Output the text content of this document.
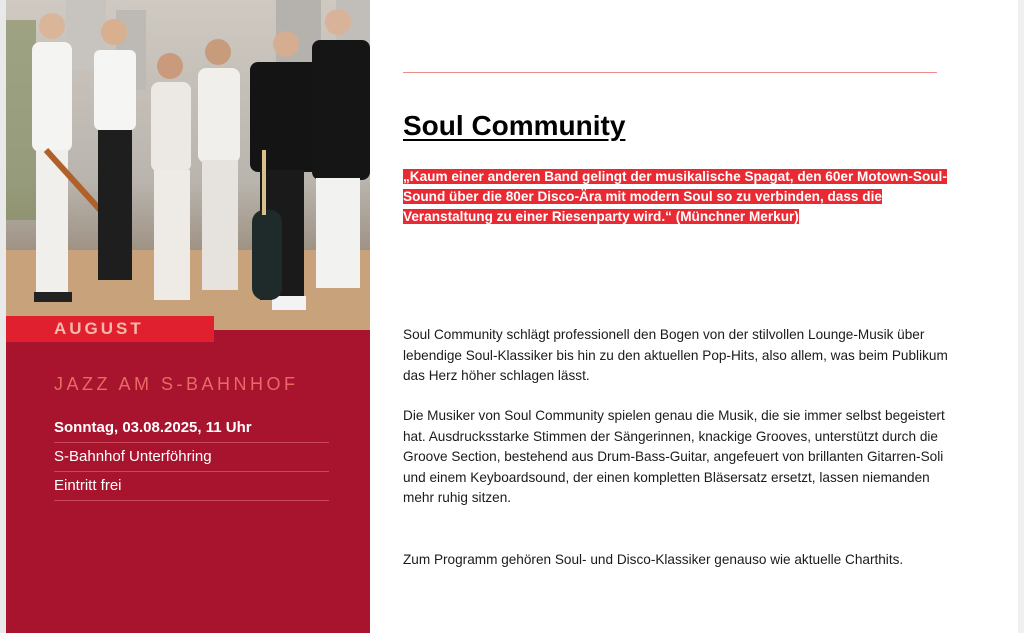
AUGUST
JAZZ AM S-BAHNHOF
Sonntag, 03.08.2025, 11 Uhr
S-Bahnhof Unterföhring
Eintritt frei
Soul Community

„Kaum einer anderen Band gelingt der musikalische Spagat, den 60er Motown-Soul-Sound über die 80er Disco-Ära mit modern Soul so zu verbinden, dass die Veranstaltung zu einer Riesenparty wird.“ (Münchner Merkur)

Soul Community schlägt professionell den Bogen von der stilvollen Lounge-Musik über lebendige Soul-Klassiker bis hin zu den aktuellen Pop-Hits, also allem, was beim Publikum das Herz höher schlagen lässt.

Die Musiker von Soul Community spielen genau die Musik, die sie immer selbst begeistert hat. Ausdrucksstarke Stimmen der Sängerinnen, knackige Grooves, unterstützt durch die Groove Section, bestehend aus Drum-Bass-Guitar, angefeuert von brillanten Gitarren-Soli und einem Keyboardsound, der einen kompletten Bläsersatz ersetzt, lassen niemanden mehr ruhig sitzen.

Zum Programm gehören Soul- und Disco-Klassiker genauso wie aktuelle Charthits.
